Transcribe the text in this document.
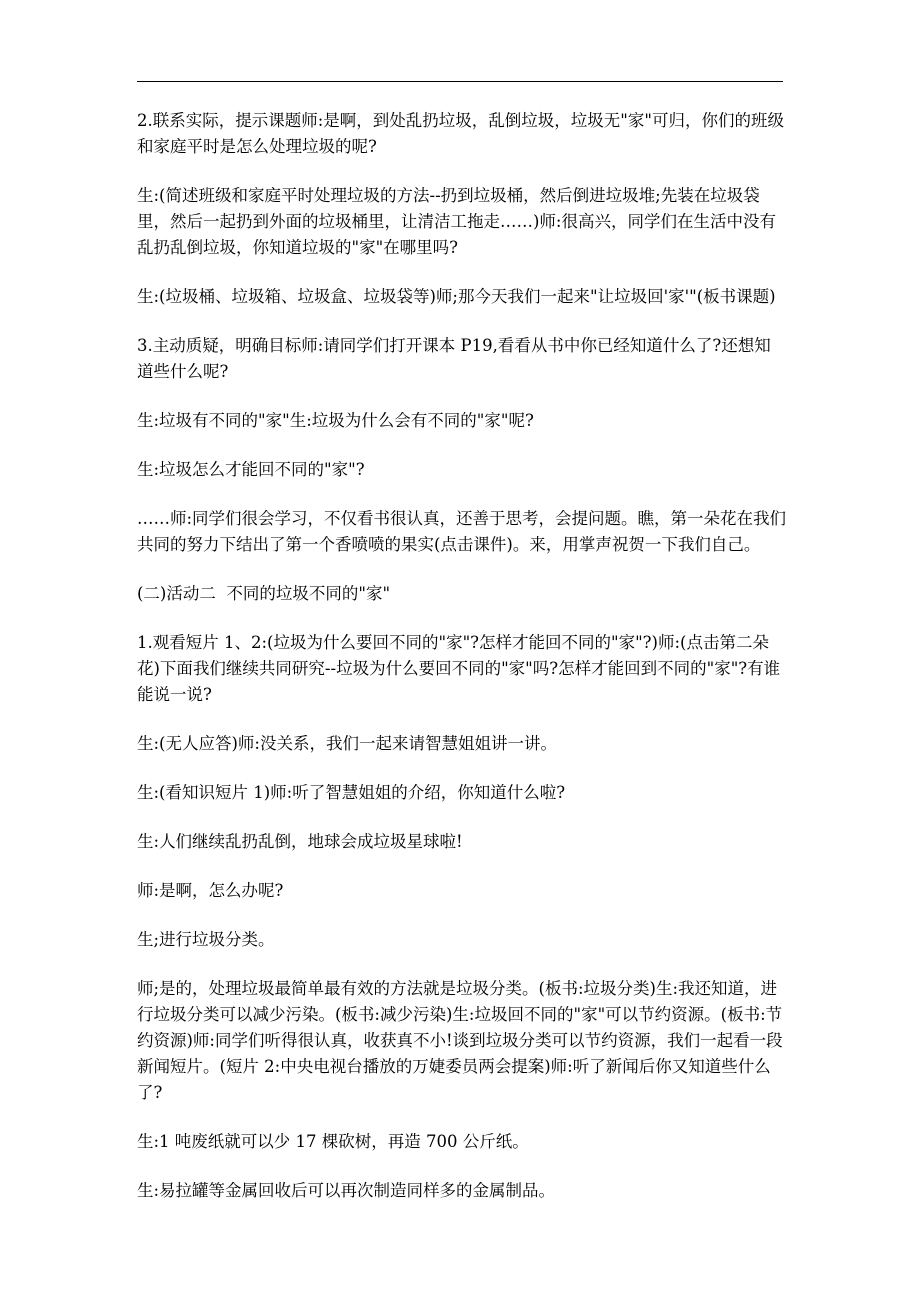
2.联系实际，提示课题师:是啊，到处乱扔垃圾，乱倒垃圾，垃圾无"家"可归，你们的班级和家庭平时是怎么处理垃圾的呢?

生:(简述班级和家庭平时处理垃圾的方法--扔到垃圾桶，然后倒进垃圾堆;先装在垃圾袋里，然后一起扔到外面的垃圾桶里，让清洁工拖走……)师:很高兴，同学们在生活中没有乱扔乱倒垃圾，你知道垃圾的"家"在哪里吗?

生:(垃圾桶、垃圾箱、垃圾盒、垃圾袋等)师;那今天我们一起来"让垃圾回'家'"(板书课题)

3.主动质疑，明确目标师:请同学们打开课本 P19,看看从书中你已经知道什么了?还想知道些什么呢?

生:垃圾有不同的"家"生:垃圾为什么会有不同的"家"呢?

生:垃圾怎么才能回不同的"家"?

……师:同学们很会学习，不仅看书很认真，还善于思考，会提问题。瞧，第一朵花在我们共同的努力下结出了第一个香喷喷的果实(点击课件)。来，用掌声祝贺一下我们自己。

(二)活动二  不同的垃圾不同的"家"

1.观看短片 1、2:(垃圾为什么要回不同的"家"?怎样才能回不同的"家"?)师:(点击第二朵花)下面我们继续共同研究--垃圾为什么要回不同的"家"吗?怎样才能回到不同的"家"?有谁能说一说?

生:(无人应答)师:没关系，我们一起来请智慧姐姐讲一讲。

生:(看知识短片 1)师:听了智慧姐姐的介绍，你知道什么啦?

生:人们继续乱扔乱倒，地球会成垃圾星球啦!

师:是啊，怎么办呢?

生;进行垃圾分类。

师;是的，处理垃圾最简单最有效的方法就是垃圾分类。(板书:垃圾分类)生:我还知道，进行垃圾分类可以减少污染。(板书:减少污染)生:垃圾回不同的"家"可以节约资源。(板书:节约资源)师:同学们听得很认真，收获真不小!谈到垃圾分类可以节约资源，我们一起看一段新闻短片。(短片 2:中央电视台播放的万婕委员两会提案)师:听了新闻后你又知道些什么了?

生:1 吨废纸就可以少 17 棵砍树，再造 700 公斤纸。

生:易拉罐等金属回收后可以再次制造同样多的金属制品。
